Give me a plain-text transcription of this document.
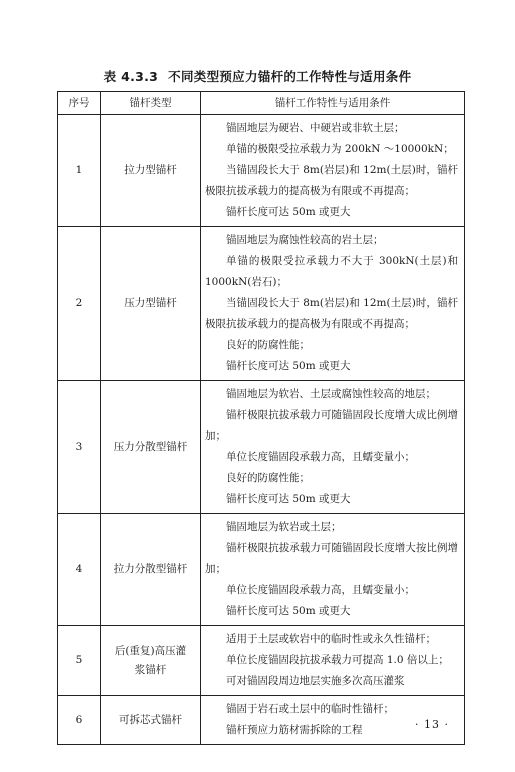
表 4.3.3 不同类型预应力锚杆的工作特性与适用条件
序号	锚杆类型	锚杆工作特性与适用条件
1	拉力型锚杆	锚固地层为硬岩、中硬岩或非软土层；
单锚的极限受拉承载力为 200kN ～10000kN；
当锚固段长大于 8m(岩层)和 12m(土层)时，锚杆极限抗拔承载力的提高极为有限或不再提高；
锚杆长度可达 50m 或更大

2	压力型锚杆	锚固地层为腐蚀性较高的岩土层；
单锚的极限受拉承载力不大于 300kN(土层)和 1000kN(岩石)；
当锚固段长大于 8m(岩层)和 12m(土层)时，锚杆极限抗拔承载力的提高极为有限或不再提高；
良好的防腐性能；
锚杆长度可达 50m 或更大

3	压力分散型锚杆	锚固地层为软岩、土层或腐蚀性较高的地层；
锚杆极限抗拔承载力可随锚固段长度增大成比例增加；
单位长度锚固段承载力高，且蠕变量小；
良好的防腐性能；
锚杆长度可达 50m 或更大

4	拉力分散型锚杆	锚固地层为软岩或土层；
锚杆极限抗拔承载力可随锚固段长度增大按比例增加；
单位长度锚固段承载力高，且蠕变量小；
锚杆长度可达 50m 或更大

5	后(重复)高压灌浆锚杆	适用于土层或软岩中的临时性或永久性锚杆；
单位长度锚固段抗拔承载力可提高 1.0 倍以上；
可对锚固段周边地层实施多次高压灌浆

6	可拆芯式锚杆	锚固于岩石或土层中的临时性锚杆；
锚杆预应力筋材需拆除的工程	· 13 ·
